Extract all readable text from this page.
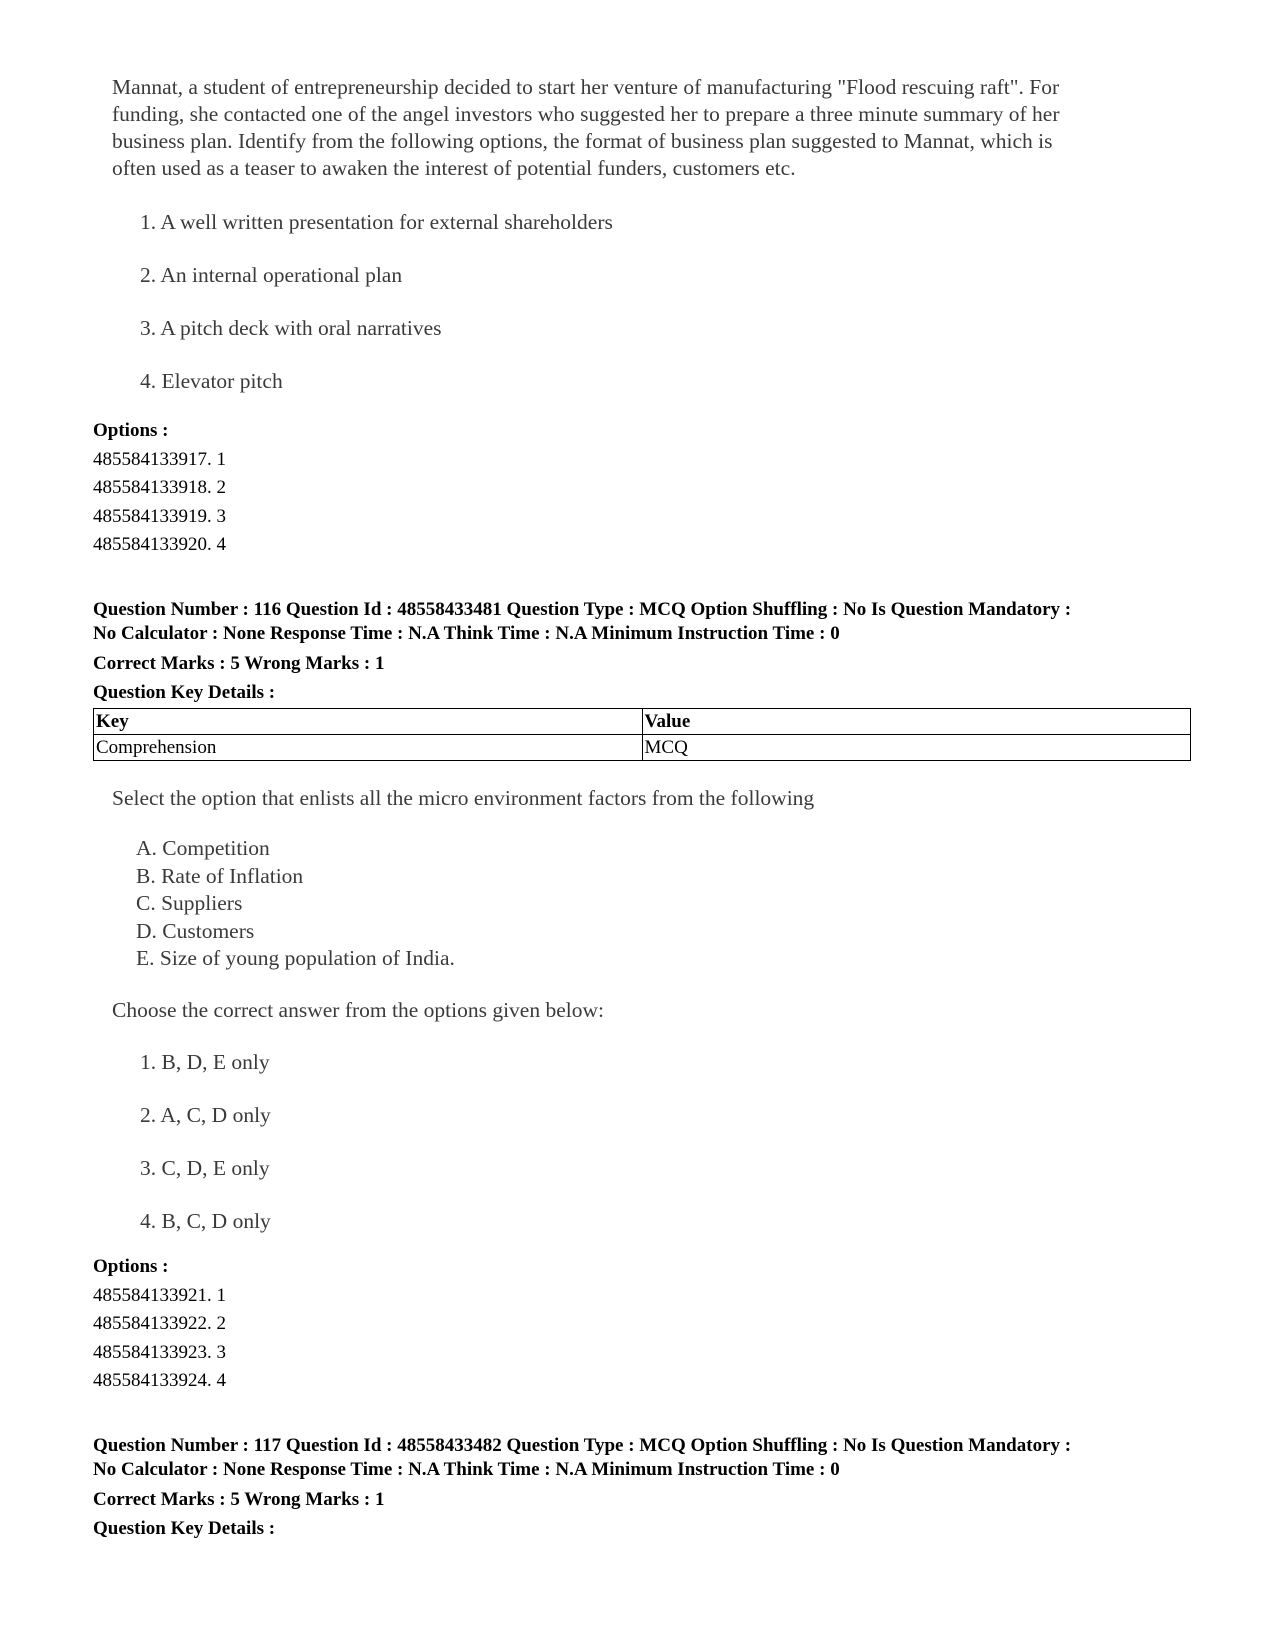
Mannat, a student of entrepreneurship decided to start her venture of manufacturing "Flood rescuing raft". For
funding, she contacted one of the angel investors who suggested her to prepare a three minute summary of her
business plan. Identify from the following options, the format of business plan suggested to Mannat, which is
often used as a teaser to awaken the interest of potential funders, customers etc.
1. A well written presentation for external shareholders
2. An internal operational plan
3. A pitch deck with oral narratives
4. Elevator pitch
Options :
485584133917. 1
485584133918. 2
485584133919. 3
485584133920. 4
Question Number : 116 Question Id : 48558433481 Question Type : MCQ Option Shuffling : No Is Question Mandatory :
No Calculator : None Response Time : N.A Think Time : N.A Minimum Instruction Time : 0
Correct Marks : 5 Wrong Marks : 1
Question Key Details :
Key	Value
Comprehension	MCQ
Select the option that enlists all the micro environment factors from the following
A. Competition
B. Rate of Inflation
C. Suppliers
D. Customers
E. Size of young population of India.
Choose the correct answer from the options given below:
1. B, D, E only
2. A, C, D only
3. C, D, E only
4. B, C, D only
Options :
485584133921. 1
485584133922. 2
485584133923. 3
485584133924. 4
Question Number : 117 Question Id : 48558433482 Question Type : MCQ Option Shuffling : No Is Question Mandatory :
No Calculator : None Response Time : N.A Think Time : N.A Minimum Instruction Time : 0
Correct Marks : 5 Wrong Marks : 1
Question Key Details :
